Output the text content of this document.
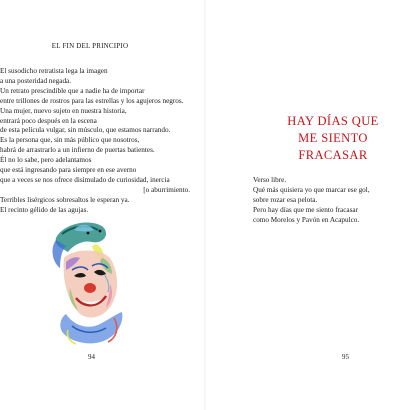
EL FIN DEL PRINCIPIO
El susodicho retratista lega la imagen
a una posteridad negada.
Un retrato prescindible que a nadie ha de importar
entre trillones de rostros para las estrellas y los agujeros negros.
Una mujer, nuevo sujeto en nuestra historia,
entrará poco después en la escena
de esta película vulgar, sin músculo, que estamos narrando.
Es la persona que, sin más público que nosotros,
habrá de arrastrarlo a un infierno de puertas batientes.
Él no lo sabe, pero adelantamos
que está ingresando para siempre en ese averno
que a veces se nos ofrece disimulado de curiosidad, inercia
[o aburrimiento.
Terribles lisérgicos sobresaltos le esperan ya.
El recinto gélido de las agujas.
94
HAY DÍAS QUE
ME SIENTO FRACASAR
Verso libre.
Qué más quisiera yo que marcar ese gol,
sobre rozar esa pelota.
Pero hay días que me siento fracasar
como Morelos y Pavón en Acapulco.
95
